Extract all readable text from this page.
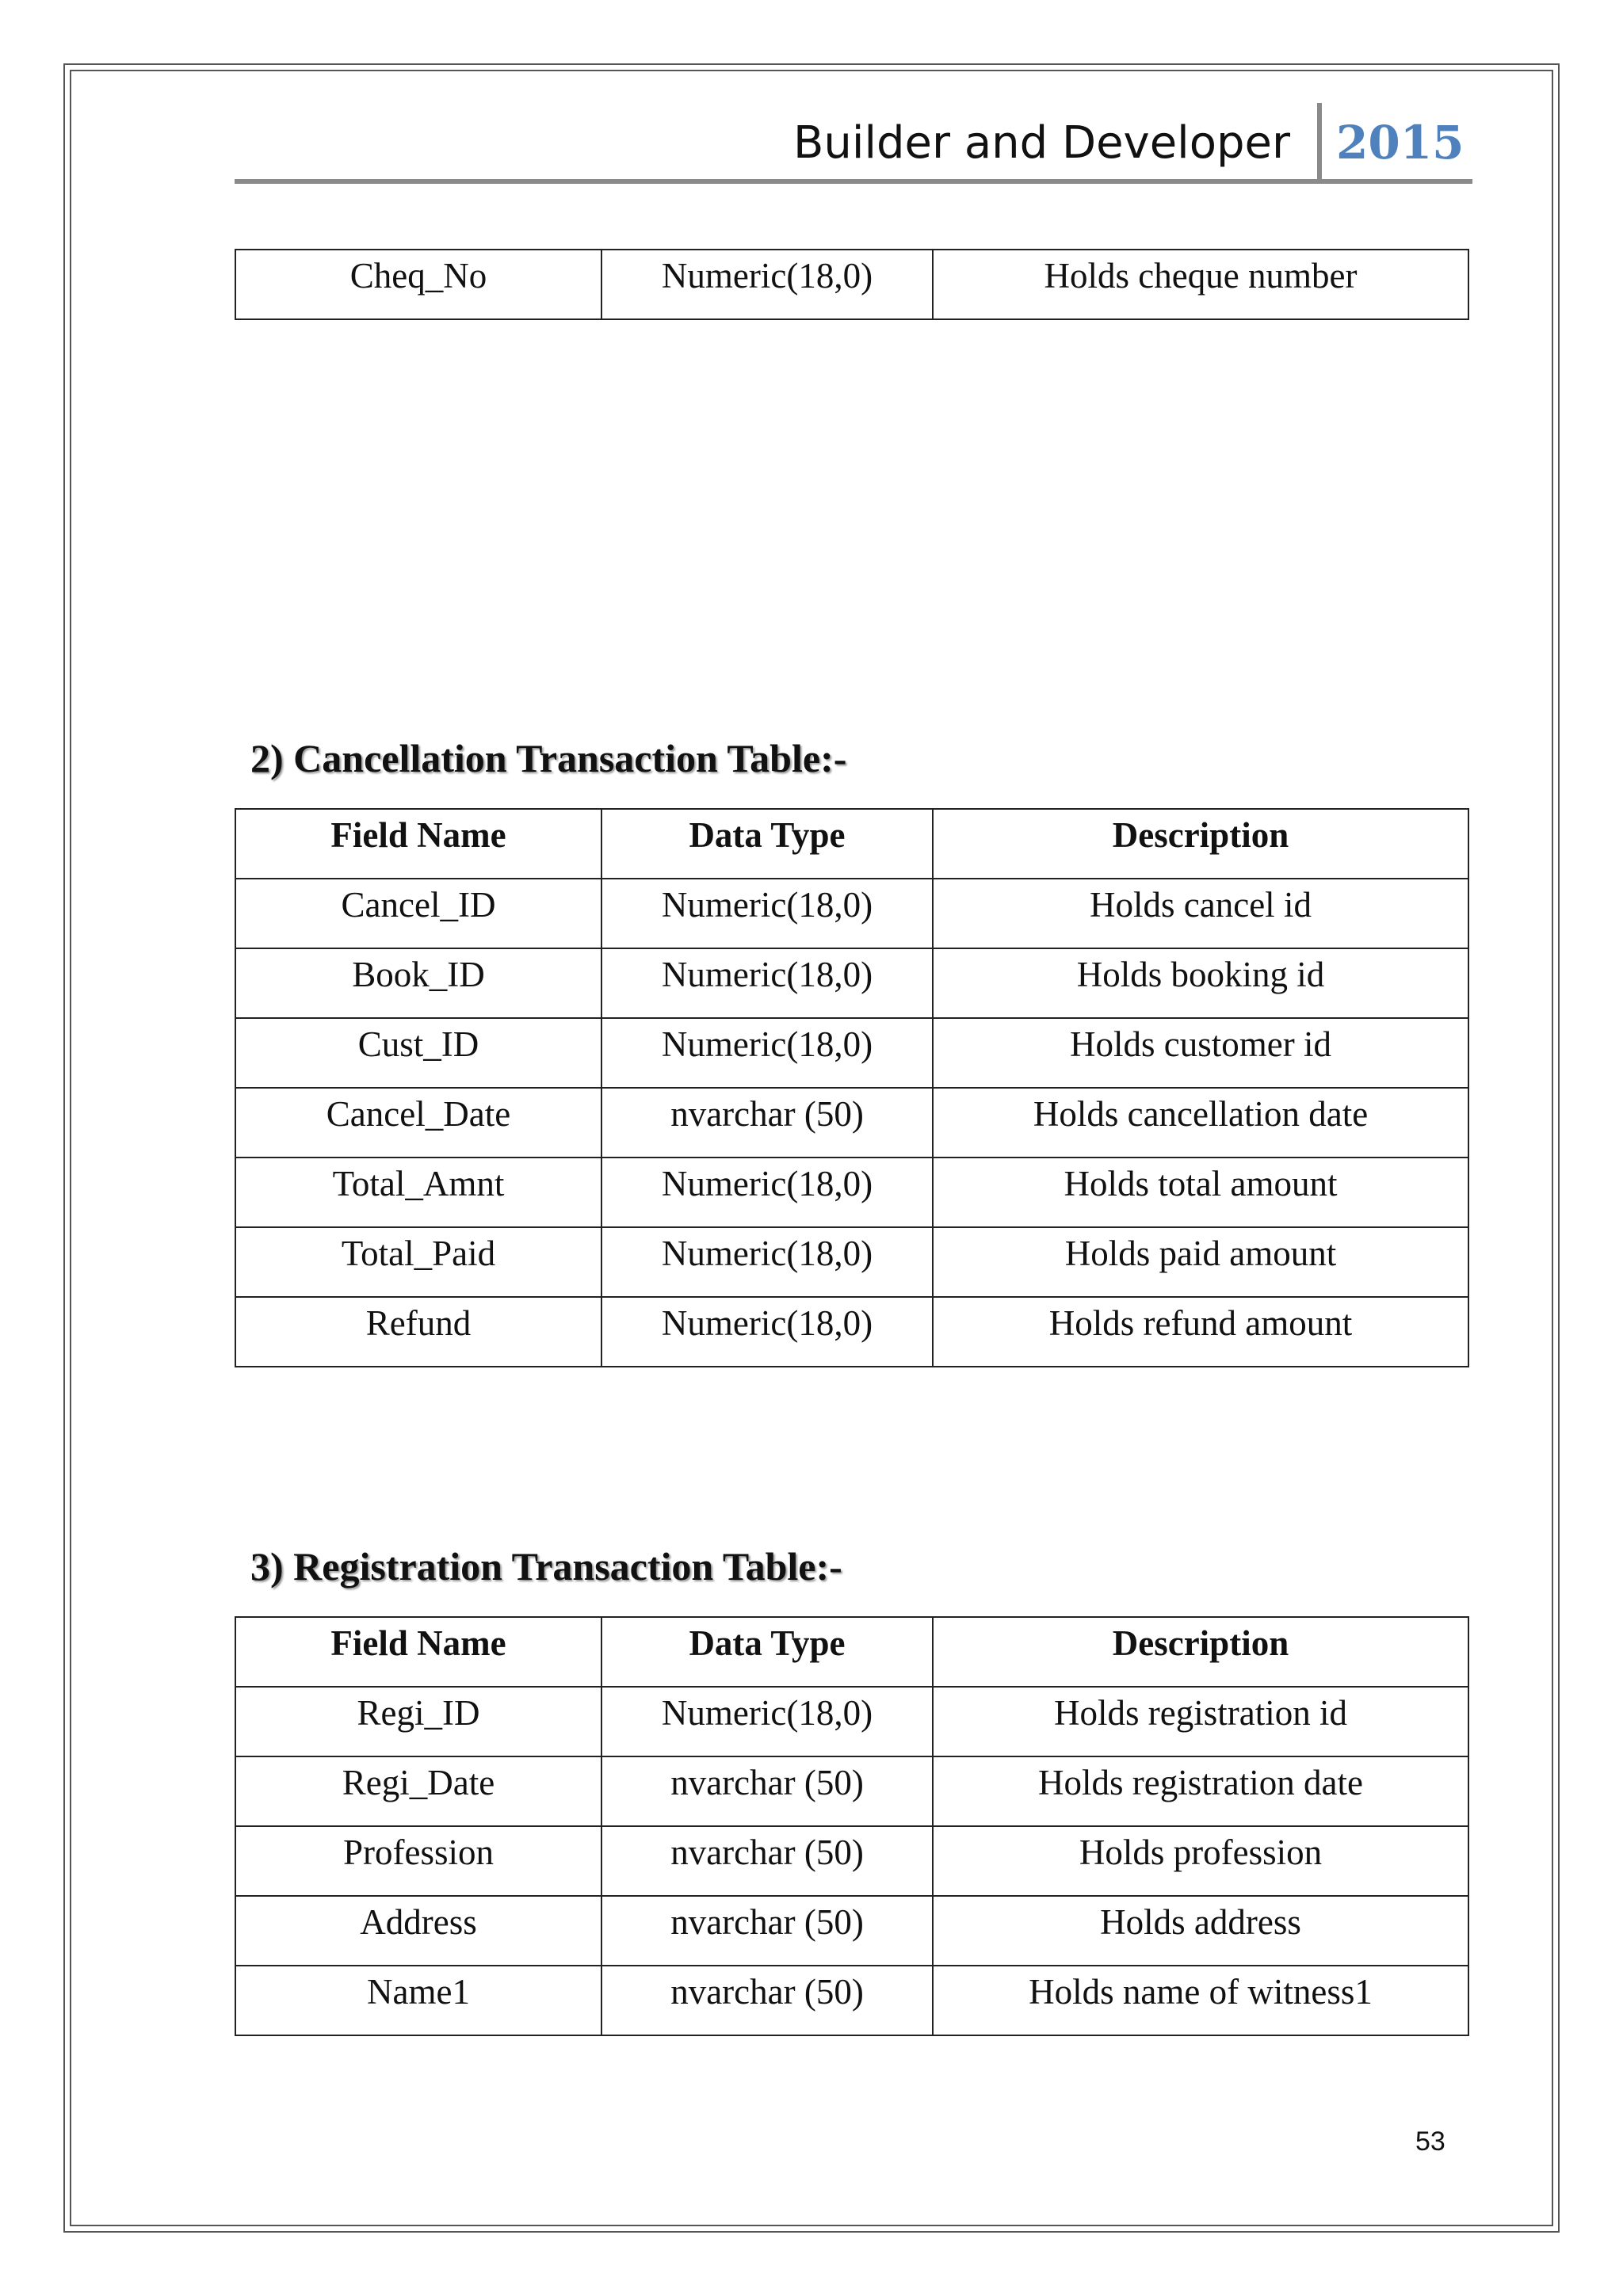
Builder and Developer 2015
Cheq_No	Numeric(18,0)	Holds cheque number
2) Cancellation Transaction Table:-
Field Name	Data Type	Description
Cancel_ID	Numeric(18,0)	Holds cancel id
Book_ID	Numeric(18,0)	Holds booking id
Cust_ID	Numeric(18,0)	Holds customer id
Cancel_Date	nvarchar (50)	Holds cancellation date
Total_Amnt	Numeric(18,0)	Holds total amount
Total_Paid	Numeric(18,0)	Holds paid amount
Refund	Numeric(18,0)	Holds refund amount
3) Registration Transaction Table:-
Field Name	Data Type	Description
Regi_ID	Numeric(18,0)	Holds registration id
Regi_Date	nvarchar (50)	Holds registration date
Profession	nvarchar (50)	Holds profession
Address	nvarchar (50)	Holds address
Name1	nvarchar (50)	Holds name of witness1
53
